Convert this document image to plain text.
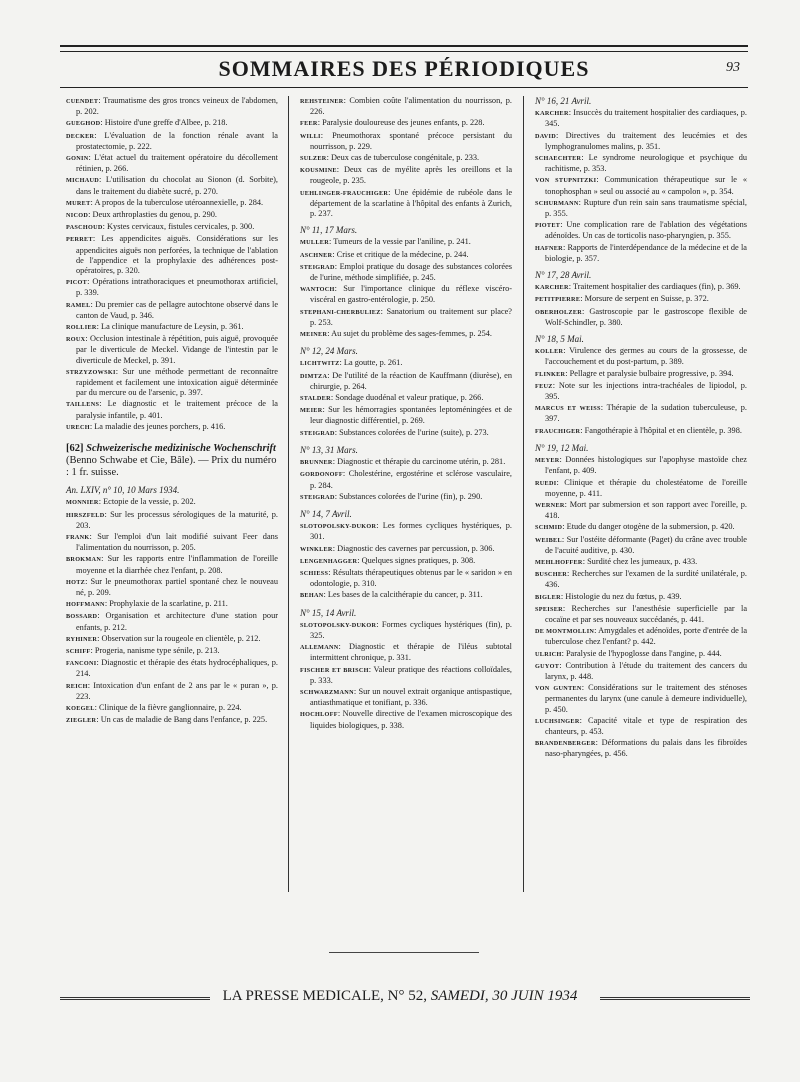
SOMMAIRES DES PÉRIODIQUES	93
CUENDET: Traumatisme des gros troncs veineux de l'abdomen, p. 202.
GUEGHOD: Histoire d'une greffe d'Albee, p. 218.
DECKER: L'évaluation de la fonction rénale avant la prostatectomie, p. 222.
GONIN: L'état actuel du traitement opératoire du décollement rétinien, p. 266.
MICHAUD: L'utilisation du chocolat au Sionon (d. Sorbite), dans le traitement du diabète sucré, p. 270.
MURET: A propos de la tuberculose utéroannexielle, p. 284.
NICOD: Deux arthroplasties du genou, p. 290.
PASCHOUD: Kystes cervicaux, fistules cervicales, p. 300.
PERRET: Les appendicites aiguës. Considérations sur les appendicites aiguës non perforées, la technique de l'ablation de l'appendice et la prophylaxie des adhérences post-opératoires, p. 320.
PICOT: Opérations intrathoraciques et pneumothorax artificiel, p. 339.
RAMEL: Du premier cas de pellagre autochtone observé dans le canton de Vaud, p. 346.
ROLLIER: La clinique manufacture de Leysin, p. 361.
ROUX: Occlusion intestinale à répétition, puis aiguë, provoquée par le diverticule de Meckel. Vidange de l'intestin par le diverticule de Meckel, p. 391.
STRZYZOWSKI: Sur une méthode permettant de reconnaître rapidement et facilement une intoxication aiguë déterminée par du mercure ou de l'arsenic, p. 397.
TAILLENS: Le diagnostic et le traitement précoce de la paralysie infantile, p. 401.
URECH: La maladie des jeunes porchers, p. 416.
[62] Schweizerische medizinische Wochenschrift (Benno Schwabe et Cie, Bâle). — Prix du numéro : 1 fr. suisse.
An. LXIV, n° 10, 10 Mars 1934.
MONNIER: Ectopie de la vessie, p. 202.
HIRSZFELD: Sur les processus sérologiques de la maturité, p. 203.
FRANK: Sur l'emploi d'un lait modifié suivant Feer dans l'alimentation du nourrisson, p. 205.
BROKMAN: Sur les rapports entre l'inflammation de l'oreille moyenne et la diarrhée chez l'enfant, p. 208.
HOTZ: Sur le pneumothorax partiel spontané chez le nouveau né, p. 209.
HOFFMANN: Prophylaxie de la scarlatine, p. 211.
BOSSARD: Organisation et architecture d'une station pour enfants, p. 212.
RYHINER: Observation sur la rougeole en clientèle, p. 212.
SCHIFF: Progeria, nanisme type sénile, p. 213.
FANCONI: Diagnostic et thérapie des états hydrocéphaliques, p. 214.
REICH: Intoxication d'un enfant de 2 ans par le « puran », p. 223.
KOEGEL: Clinique de la fièvre ganglionnaire, p. 224.
ZIEGLER: Un cas de maladie de Bang dans l'enfance, p. 225.
REHSTEINER: Combien coûte l'alimentation du nourrisson, p. 226.
FEER: Paralysie douloureuse des jeunes enfants, p. 228.
WILLI: Pneumothorax spontané précoce persistant du nourrisson, p. 229.
SULZER: Deux cas de tuberculose congénitale, p. 233.
KOUSMINE: Deux cas de myélite après les oreillons et la rougeole, p. 235.
UEHLINGER-FRAUCHIGER: Une épidémie de rubéole dans le département de la scarlatine à l'hôpital des enfants à Zurich, p. 237.
N° 11, 17 Mars.
MULLER: Tumeurs de la vessie par l'aniline, p. 241.
ASCHNER: Crise et critique de la médecine, p. 244.
STEIGRAD: Emploi pratique du dosage des substances colorées de l'urine, méthode simplifiée, p. 245.
WANTOCH: Sur l'importance clinique du réflexe viscéro-viscéral en gastro-entérologie, p. 250.
STEPHANI-CHERBULIEZ: Sanatorium ou traitement sur place? p. 253.
MEINER: Au sujet du problème des sages-femmes, p. 254.
N° 12, 24 Mars.
LICHTWITZ: La goutte, p. 261.
DIMTZA: De l'utilité de la réaction de Kauffmann (diurèse), en chirurgie, p. 264.
STALDER: Sondage duodénal et valeur pratique, p. 266.
MEIER: Sur les hémorragies spontanées leptoméningées et de leur diagnostic différentiel, p. 269.
STEIGRAD: Substances colorées de l'urine (suite), p. 273.
N° 13, 31 Mars.
BRUNNER: Diagnostic et thérapie du carcinome utérin, p. 281.
GORDONOFF: Cholestérine, ergostérine et sclérose vasculaire, p. 284.
STEIGRAD: Substances colorées de l'urine (fin), p. 290.
N° 14, 7 Avril.
SLOTOPOLSKY-DUKOR: Les formes cycliques hystériques, p. 301.
WINKLER: Diagnostic des cavernes par percussion, p. 306.
LENGENHAGGER: Quelques signes pratiques, p. 308.
SCHIESS: Résultats thérapeutiques obtenus par le « saridon » en odontologie, p. 310.
BEHAN: Les bases de la calcithérapie du cancer, p. 311.
N° 15, 14 Avril.
SLOTOPOLSKY-DUKOR: Formes cycliques hystériques (fin), p. 325.
ALLEMANN: Diagnostic et thérapie de l'iléus subtotal intermittent chronique, p. 331.
FISCHER ET BRISCH: Valeur pratique des réactions colloïdales, p. 333.
SCHWARZMANN: Sur un nouvel extrait organique antispastique, antiasthmatique et tonifiant, p. 336.
HOCHLOFF: Nouvelle directive de l'examen microscopique des liquides biologiques, p. 338.
N° 16, 21 Avril.
KARCHER: Insuccès du traitement hospitalier des cardiaques, p. 345.
DAVID: Directives du traitement des leucémies et des lymphogranulomes malins, p. 351.
SCHAECHTER: Le syndrome neurologique et psychique du rachitisme, p. 353.
VON STUPNITZKI: Communication thérapeutique sur le « tonophosphan » seul ou associé au « campolon », p. 354.
SCHURMANN: Rupture d'un rein sain sans traumatisme spécial, p. 355.
PIOTET: Une complication rare de l'ablation des végétations adénoïdes. Un cas de torticolis naso-pharyngien, p. 355.
HAFNER: Rapports de l'interdépendance de la médecine et de la biologie, p. 357.
N° 17, 28 Avril.
KARCHER: Traitement hospitalier des cardiaques (fin), p. 369.
PETITPIERRE: Morsure de serpent en Suisse, p. 372.
OBERHOLZER: Gastroscopie par le gastroscope flexible de Wolf-Schindler, p. 380.
N° 18, 5 Mai.
KOLLER: Virulence des germes au cours de la grossesse, de l'accouchement et du post-partum, p. 389.
FLINKER: Pellagre et paralysie bulbaire progressive, p. 394.
FEUZ: Note sur les injections intra-trachéales de lipiodol, p. 395.
MARCUS ET WEISS: Thérapie de la sudation tuberculeuse, p. 397.
FRAUCHIGER: Fangothérapie à l'hôpital et en clientèle, p. 398.
N° 19, 12 Mai.
MEYER: Données histologiques sur l'apophyse mastoïde chez l'enfant, p. 409.
RUEDI: Clinique et thérapie du cholestéatome de l'oreille moyenne, p. 411.
WERNER: Mort par submersion et son rapport avec l'oreille, p. 418.
SCHMID: Etude du danger otogène de la submersion, p. 420.
WEIBEL: Sur l'ostéite déformante (Paget) du crâne avec trouble de l'acuité auditive, p. 430.
MEHLHOFFER: Surdité chez les jumeaux, p. 433.
BUSCHER: Recherches sur l'examen de la surdité unilatérale, p. 436.
BIGLER: Histologie du nez du fœtus, p. 439.
SPEISER: Recherches sur l'anesthésie superficielle par la cocaïne et par ses nouveaux succédanés, p. 441.
DE MONTMOLLIN: Amygdales et adénoïdes, porte d'entrée de la tuberculose chez l'enfant? p. 442.
ULRICH: Paralysie de l'hypoglosse dans l'angine, p. 444.
GUYOT: Contribution à l'étude du traitement des cancers du larynx, p. 448.
VON GUNTEN: Considérations sur le traitement des sténoses permanentes du larynx (une canule à demeure individuelle), p. 450.
LUCHSINGER: Capacité vitale et type de respiration des chanteurs, p. 453.
BRANDENBERGER: Déformations du palais dans les fibroïdes naso-pharyngées, p. 456.
LA PRESSE MEDICALE, N° 52, SAMEDI, 30 JUIN 1934
